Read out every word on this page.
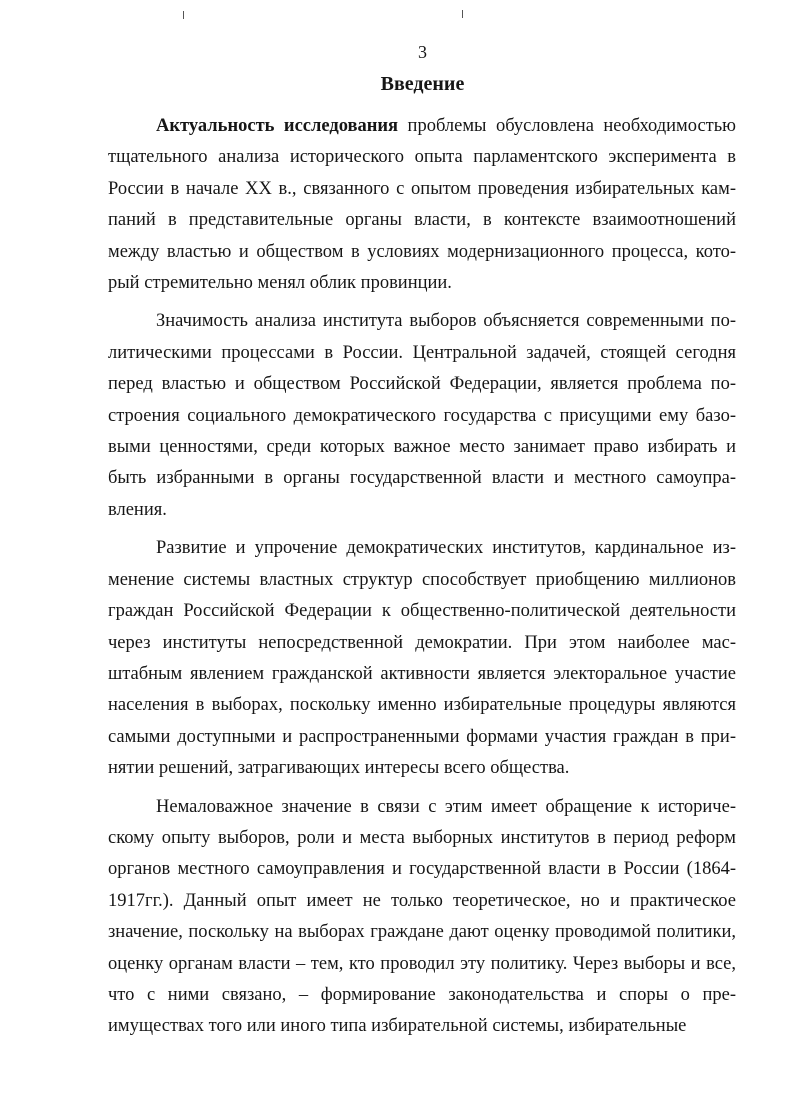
3
Введение

Актуальность исследования проблемы обусловлена необходимостью тщательного анализа исторического опыта парламентского эксперимента в России в начале XX в., связанного с опытом проведения избирательных кампаний в представительные органы власти, в контексте взаимоотношений между властью и обществом в условиях модернизационного процесса, который стремительно менял облик провинции.

Значимость анализа института выборов объясняется современными политическими процессами в России. Центральной задачей, стоящей сегодня перед властью и обществом Российской Федерации, является проблема построения социального демократического государства с присущими ему базовыми ценностями, среди которых важное место занимает право избирать и быть избранными в органы государственной власти и местного самоуправления.

Развитие и упрочение демократических институтов, кардинальное изменение системы властных структур способствует приобщению миллионов граждан Российской Федерации к общественно-политической деятельности через институты непосредственной демократии. При этом наиболее масштабным явлением гражданской активности является электоральное участие населения в выборах, поскольку именно избирательные процедуры являются самыми доступными и распространенными формами участия граждан в принятии решений, затрагивающих интересы всего общества.

Немаловажное значение в связи с этим имеет обращение к историческому опыту выборов, роли и места выборных институтов в период реформ органов местного самоуправления и государственной власти в России (1864-1917гг.). Данный опыт имеет не только теоретическое, но и практическое значение, поскольку на выборах граждане дают оценку проводимой политики, оценку органам власти – тем, кто проводил эту политику. Через выборы и все, что с ними связано, – формирование законодательства и споры о преимуществах того или иного типа избирательной системы, избирательные
